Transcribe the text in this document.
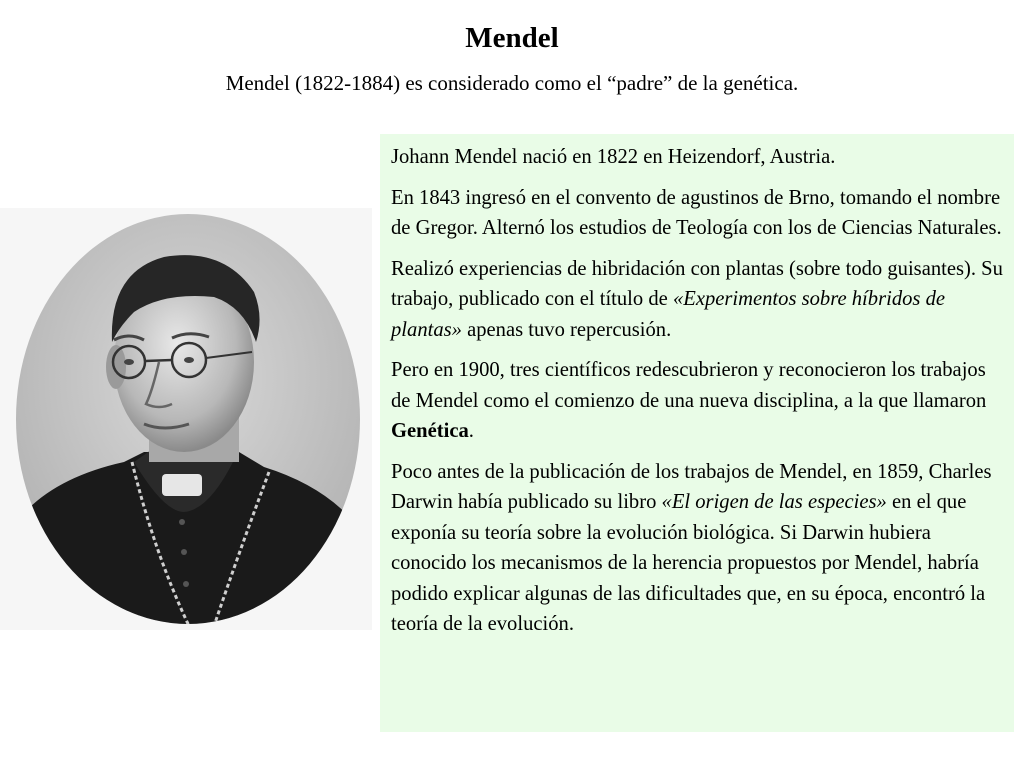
Mendel
Mendel (1822-1884) es considerado como el “padre” de la genética.

Johann Mendel nació en 1822 en Heizendorf, Austria.

En 1843 ingresó en el convento de agustinos de Brno, tomando el nombre de Gregor. Alternó los estudios de Teología con los de Ciencias Naturales.

Realizó experiencias de hibridación con plantas (sobre todo guisantes). Su trabajo, publicado con el título de «Experimentos sobre híbridos de plantas» apenas tuvo repercusión.

Pero en 1900, tres científicos redescubrieron y reconocieron los trabajos de Mendel como el comienzo de una nueva disciplina, a la que llamaron Genética.

Poco antes de la publicación de los trabajos de Mendel, en 1859, Charles Darwin había publicado su libro «El origen de las especies» en el que exponía su teoría sobre la evolución biológica. Si Darwin hubiera conocido los mecanismos de la herencia propuestos por Mendel, habría podido explicar algunas de las dificultades que, en su época, encontró la teoría de la evolución.
